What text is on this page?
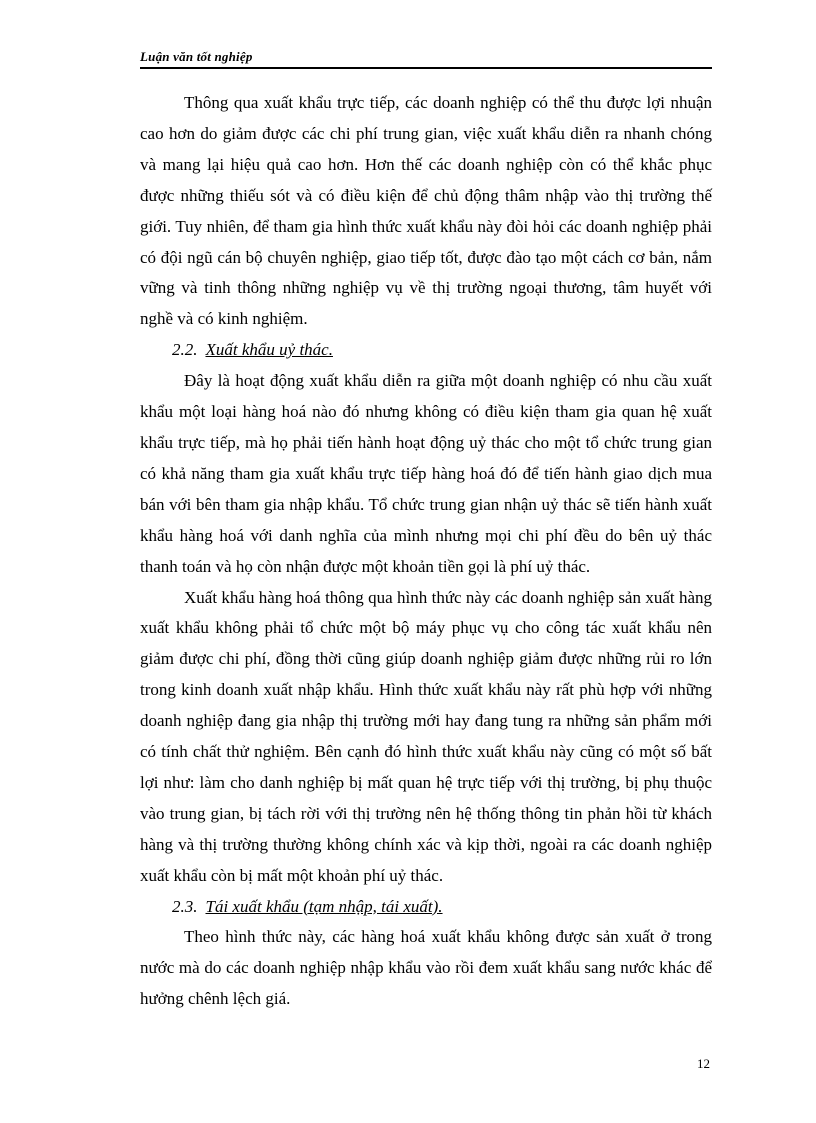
Luận văn tốt nghiệp

Thông qua xuất khẩu trực tiếp, các doanh nghiệp có thể thu được lợi nhuận cao hơn do giảm được các chi phí trung gian, việc xuất khẩu diễn ra nhanh chóng và mang lại hiệu quả cao hơn. Hơn thế các doanh nghiệp còn có thể khắc phục được những thiếu sót và có điều kiện để chủ động thâm nhập vào thị trường thế giới. Tuy nhiên, để tham gia hình thức xuất khẩu này đòi hỏi các doanh nghiệp phải có đội ngũ cán bộ chuyên nghiệp, giao tiếp tốt, được đào tạo một cách cơ bản, nắm vững và tinh thông những nghiệp vụ về thị trường ngoại thương, tâm huyết với nghề và có kinh nghiệm.

2.2. Xuất khẩu uỷ thác.

Đây là hoạt động xuất khẩu diễn ra giữa một doanh nghiệp có nhu cầu xuất khẩu một loại hàng hoá nào đó nhưng không có điều kiện tham gia quan hệ xuất khẩu trực tiếp, mà họ phải tiến hành hoạt động uỷ thác cho một tổ chức trung gian có khả năng tham gia xuất khẩu trực tiếp hàng hoá đó để tiến hành giao dịch mua bán với bên tham gia nhập khẩu. Tổ chức trung gian nhận uỷ thác sẽ tiến hành xuất khẩu hàng hoá với danh nghĩa của mình nhưng mọi chi phí đều do bên uỷ thác thanh toán và họ còn nhận được một khoản tiền gọi là phí uỷ thác.

Xuất khẩu hàng hoá thông qua hình thức này các doanh nghiệp sản xuất hàng xuất khẩu không phải tổ chức một bộ máy phục vụ cho công tác xuất khẩu nên giảm được chi phí, đồng thời cũng giúp doanh nghiệp giảm được những rủi ro lớn trong kinh doanh xuất nhập khẩu. Hình thức xuất khẩu này rất phù hợp với những doanh nghiệp đang gia nhập thị trường mới hay đang tung ra những sản phẩm mới có tính chất thử nghiệm. Bên cạnh đó hình thức xuất khẩu này cũng có một số bất lợi như: làm cho danh nghiệp bị mất quan hệ trực tiếp với thị trường, bị phụ thuộc vào trung gian, bị tách rời với thị trường nên hệ thống thông tin phản hồi từ khách hàng và thị trường thường không chính xác và kịp thời, ngoài ra các doanh nghiệp xuất khẩu còn bị mất một khoản phí uỷ thác.

2.3. Tái xuất khẩu (tạm nhập, tái xuất).

Theo hình thức này, các hàng hoá xuất khẩu không được sản xuất ở trong nước mà do các doanh nghiệp nhập khẩu vào rồi đem xuất khẩu sang nước khác để hưởng chênh lệch giá.

12
